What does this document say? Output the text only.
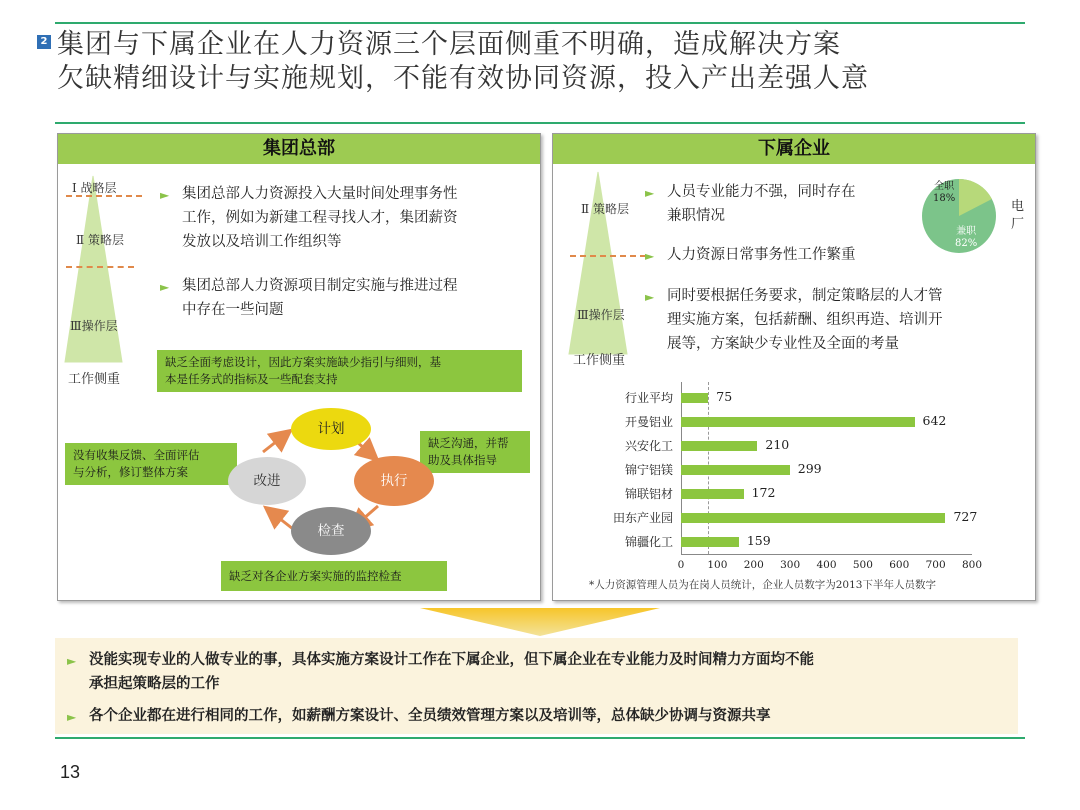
2 集团与下属企业在人力资源三个层面侧重不明确，造成解决方案
欠缺精细设计与实施规划，不能有效协同资源，投入产出差强人意
集团总部
Ⅰ 战略层
Ⅱ 策略层
Ⅲ操作层
工作侧重
► 集团总部人力资源投入大量时间处理事务性
工作，例如为新建工程寻找人才，集团薪资
发放以及培训工作组织等
► 集团总部人力资源项目制定实施与推进过程
中存在一些问题
缺乏全面考虑设计，因此方案实施缺少指引与细则，基
本是任务式的指标及一些配套支持
没有收集反馈、全面评估
与分析，修订整体方案
缺乏沟通，并帮
助及具体指导
缺乏对各企业方案实施的监控检查
计划
执行
检查
改进
下属企业
Ⅱ 策略层
Ⅲ操作层
工作侧重
► 人员专业能力不强，同时存在
兼职情况
► 人力资源日常事务性工作繁重
► 同时要根据任务要求，制定策略层的人才管
理实施方案，包括薪酬、组织再造、培训开
展等，方案缺少专业性及全面的考量
全职
18%
兼职
82%
电
厂
行业平均	75
开曼铝业	642
兴安化工	210
锦宁铝镁	299
锦联铝材	172
田东产业园	727
锦疆化工	159
0	100	200	300	400	500	600	700	800
*人力资源管理人员为在岗人员统计，企业人员数字为2013下半年人员数字
► 没能实现专业的人做专业的事，具体实施方案设计工作在下属企业，但下属企业在专业能力及时间精力方面均不能
承担起策略层的工作
► 各个企业都在进行相同的工作，如薪酬方案设计、全员绩效管理方案以及培训等，总体缺少协调与资源共享
13
